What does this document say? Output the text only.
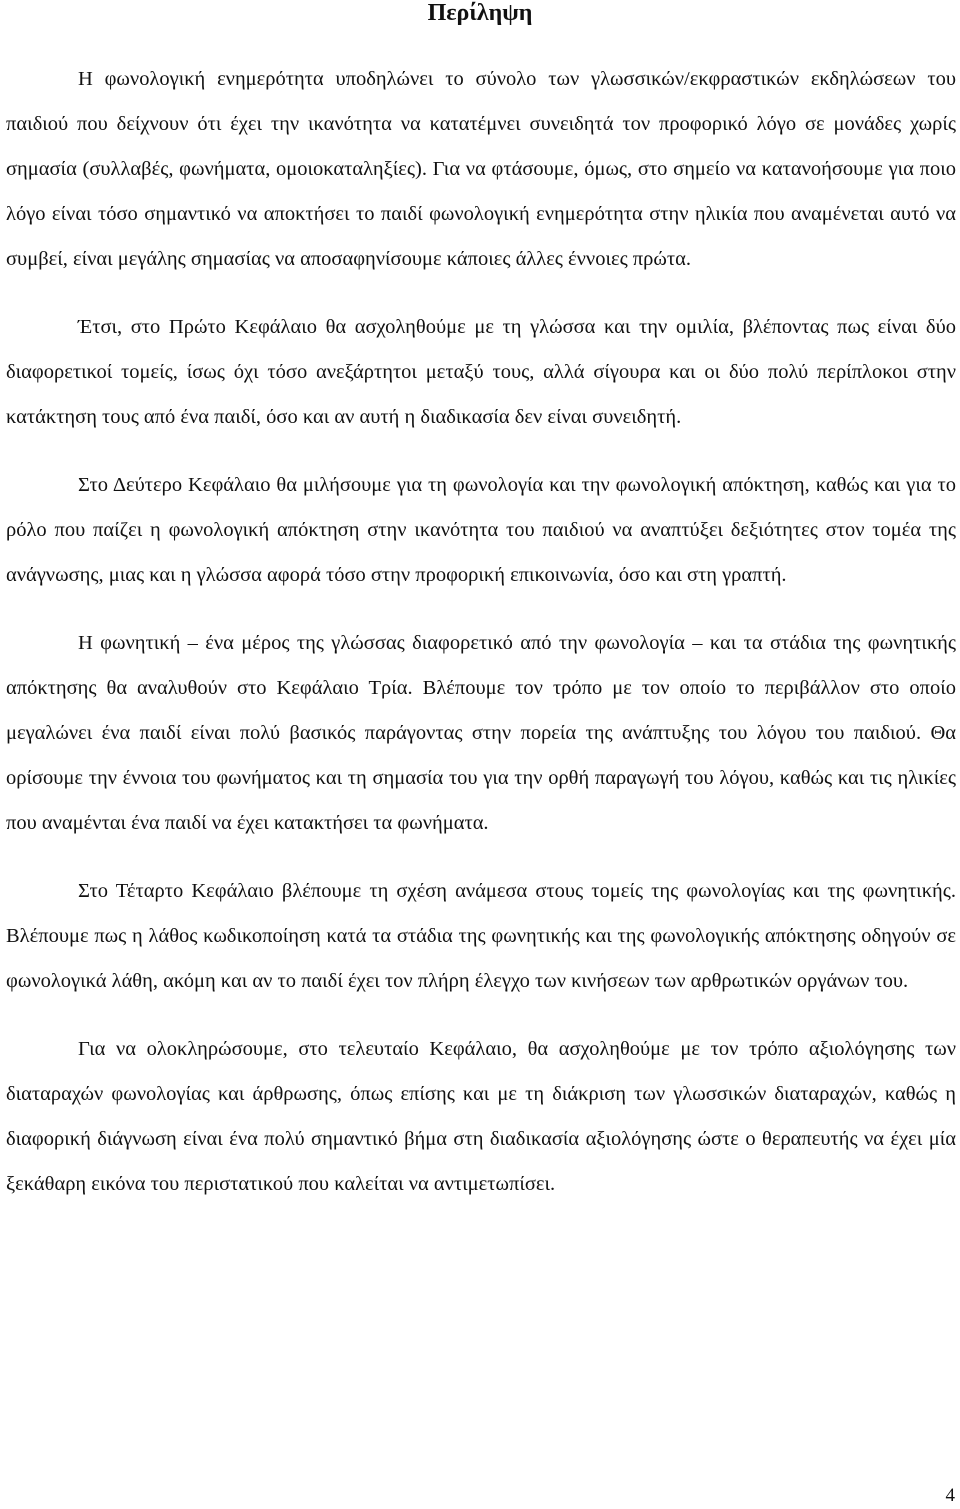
Περίληψη

Η φωνολογική ενημερότητα υποδηλώνει το σύνολο των γλωσσικών/εκφραστικών εκδηλώσεων του παιδιού που δείχνουν ότι έχει την ικανότητα να κατατέμνει συνειδητά τον προφορικό λόγο σε μονάδες χωρίς σημασία (συλλαβές, φωνήματα, ομοιοκαταληξίες). Για να φτάσουμε, όμως, στο σημείο να κατανοήσουμε για ποιο λόγο είναι τόσο σημαντικό να αποκτήσει το παιδί φωνολογική ενημερότητα στην ηλικία που αναμένεται αυτό να συμβεί, είναι μεγάλης σημασίας να αποσαφηνίσουμε κάποιες άλλες έννοιες πρώτα.

Έτσι, στο Πρώτο Κεφάλαιο θα ασχοληθούμε με τη γλώσσα και την ομιλία, βλέποντας πως είναι δύο διαφορετικοί τομείς, ίσως όχι τόσο ανεξάρτητοι μεταξύ τους, αλλά σίγουρα και οι δύο πολύ περίπλοκοι στην κατάκτηση τους από ένα παιδί, όσο και αν αυτή η διαδικασία δεν είναι συνειδητή.

Στο Δεύτερο Κεφάλαιο θα μιλήσουμε για τη φωνολογία και την φωνολογική απόκτηση, καθώς και για το ρόλο που παίζει η φωνολογική απόκτηση στην ικανότητα του παιδιού να αναπτύξει δεξιότητες στον τομέα της ανάγνωσης, μιας και η γλώσσα αφορά τόσο στην προφορική επικοινωνία, όσο και στη γραπτή.

Η φωνητική – ένα μέρος της γλώσσας διαφορετικό από την φωνολογία – και τα στάδια της φωνητικής απόκτησης θα αναλυθούν στο Κεφάλαιο Τρία. Βλέπουμε τον τρόπο με τον οποίο το περιβάλλον στο οποίο μεγαλώνει ένα παιδί είναι πολύ βασικός παράγοντας στην πορεία της ανάπτυξης του λόγου του παιδιού. Θα ορίσουμε την έννοια του φωνήματος και τη σημασία του για την ορθή παραγωγή του λόγου, καθώς και τις ηλικίες που αναμένται ένα παιδί να έχει κατακτήσει τα φωνήματα.

Στο Τέταρτο Κεφάλαιο βλέπουμε τη σχέση ανάμεσα στους τομείς της φωνολογίας και της φωνητικής. Βλέπουμε πως η λάθος κωδικοποίηση κατά τα στάδια της φωνητικής και της φωνολογικής απόκτησης οδηγούν σε φωνολογικά λάθη, ακόμη και αν το παιδί έχει τον πλήρη έλεγχο των κινήσεων των αρθρωτικών οργάνων του.

Για να ολοκληρώσουμε, στο τελευταίο Κεφάλαιο, θα ασχοληθούμε με τον τρόπο αξιολόγησης των διαταραχών φωνολογίας και άρθρωσης, όπως επίσης και με τη διάκριση των γλωσσικών διαταραχών, καθώς η διαφορική διάγνωση είναι ένα πολύ σημαντικό βήμα στη διαδικασία αξιολόγησης ώστε ο θεραπευτής να έχει μία ξεκάθαρη εικόνα του περιστατικού που καλείται να αντιμετωπίσει.

4
